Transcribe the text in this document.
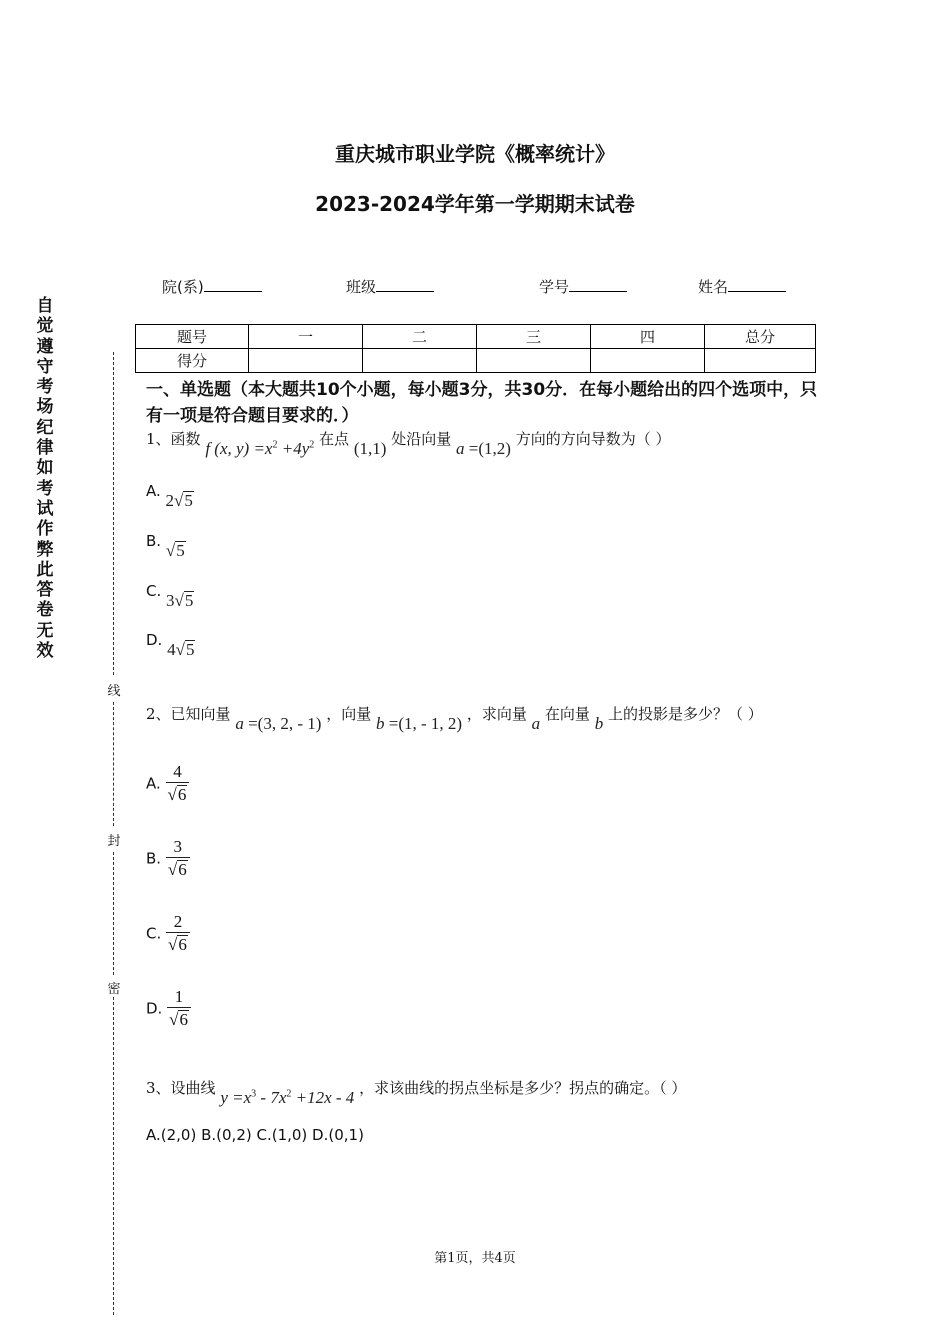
重庆城市职业学院《概率统计》
2023-2024学年第一学期期末试卷
院(系)	班级	学号	姓名
题号	一	二	三	四	总分
得分					
自觉遵守考场纪律如考试作弊此答卷无效
线
封
密
一、单选题（本大题共10个小题，每小题3分，共30分．在每小题给出的四个选项中，只有一项是符合题目要求的．）
1、函数 f (x, $y) =x^2 +4y^2$ 在点 (1,1) 处沿向量 a =(1,2) 方向的方向导数为（ ）
A. 2√5
B. √5
C. 3√5
D. 4√5
2、已知向量 a =(3, 2, - 1) ，向量 b =(1, - 1, 2) ，求向量 a 在向量 b 上的投影是多少？（ ）
A. $\frac{4}{√6}$
B. $\frac{3}{√6}$
C. $\frac{2}{√6}$
D. $\frac{1}{√6}$
3、设曲线 $y =x^3 - 7x^2 +12x - 4$ ，求该曲线的拐点坐标是多少？拐点的确定。（ ）
A.(2,0) B.(0,2) C.(1,0) D.(0,1)
第1页，共4页
